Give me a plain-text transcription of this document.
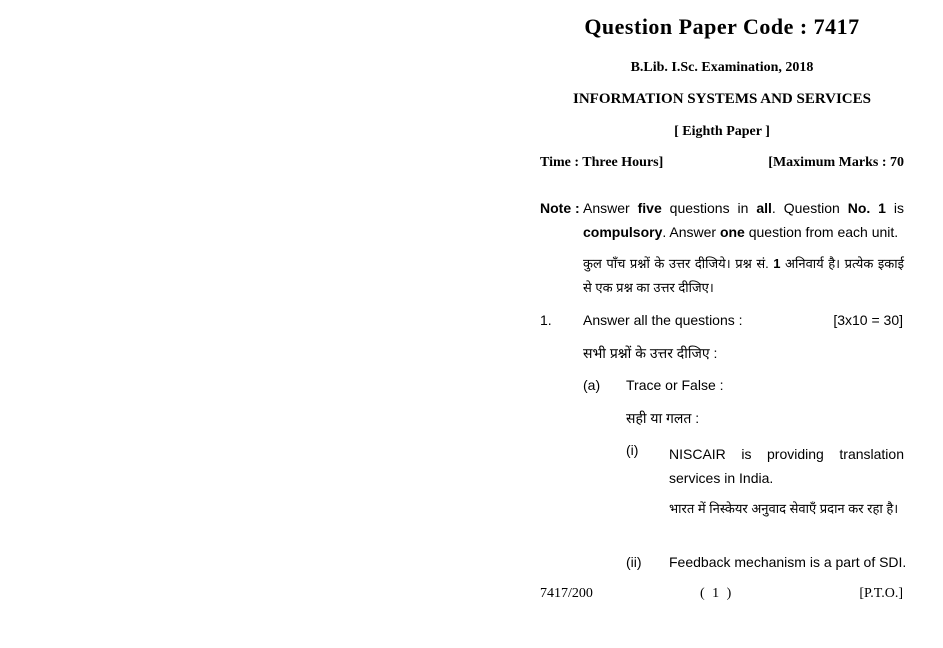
Question Paper Code : 7417
B.Lib. I.Sc. Examination, 2018
INFORMATION SYSTEMS AND SERVICES
[ Eighth Paper ]
Time : Three Hours]	[Maximum Marks : 70
Note : Answer five questions in all. Question No. 1 is compulsory. Answer one question from each unit.
कुल पाँच प्रश्नों के उत्तर दीजिये। प्रश्न सं. 1 अनिवार्य है। प्रत्येक इकाई से एक प्रश्न का उत्तर दीजिए।
1. Answer all the questions :	[3x10 = 30]
सभी प्रश्नों के उत्तर दीजिए :
(a) Trace or False :
सही या गलत :
(i) NISCAIR is providing translation services in India.
भारत में निस्केयर अनुवाद सेवाएँ प्रदान कर रहा है।
(ii) Feedback mechanism is a part of SDI.
7417/200	( 1 )	[P.T.O.]
